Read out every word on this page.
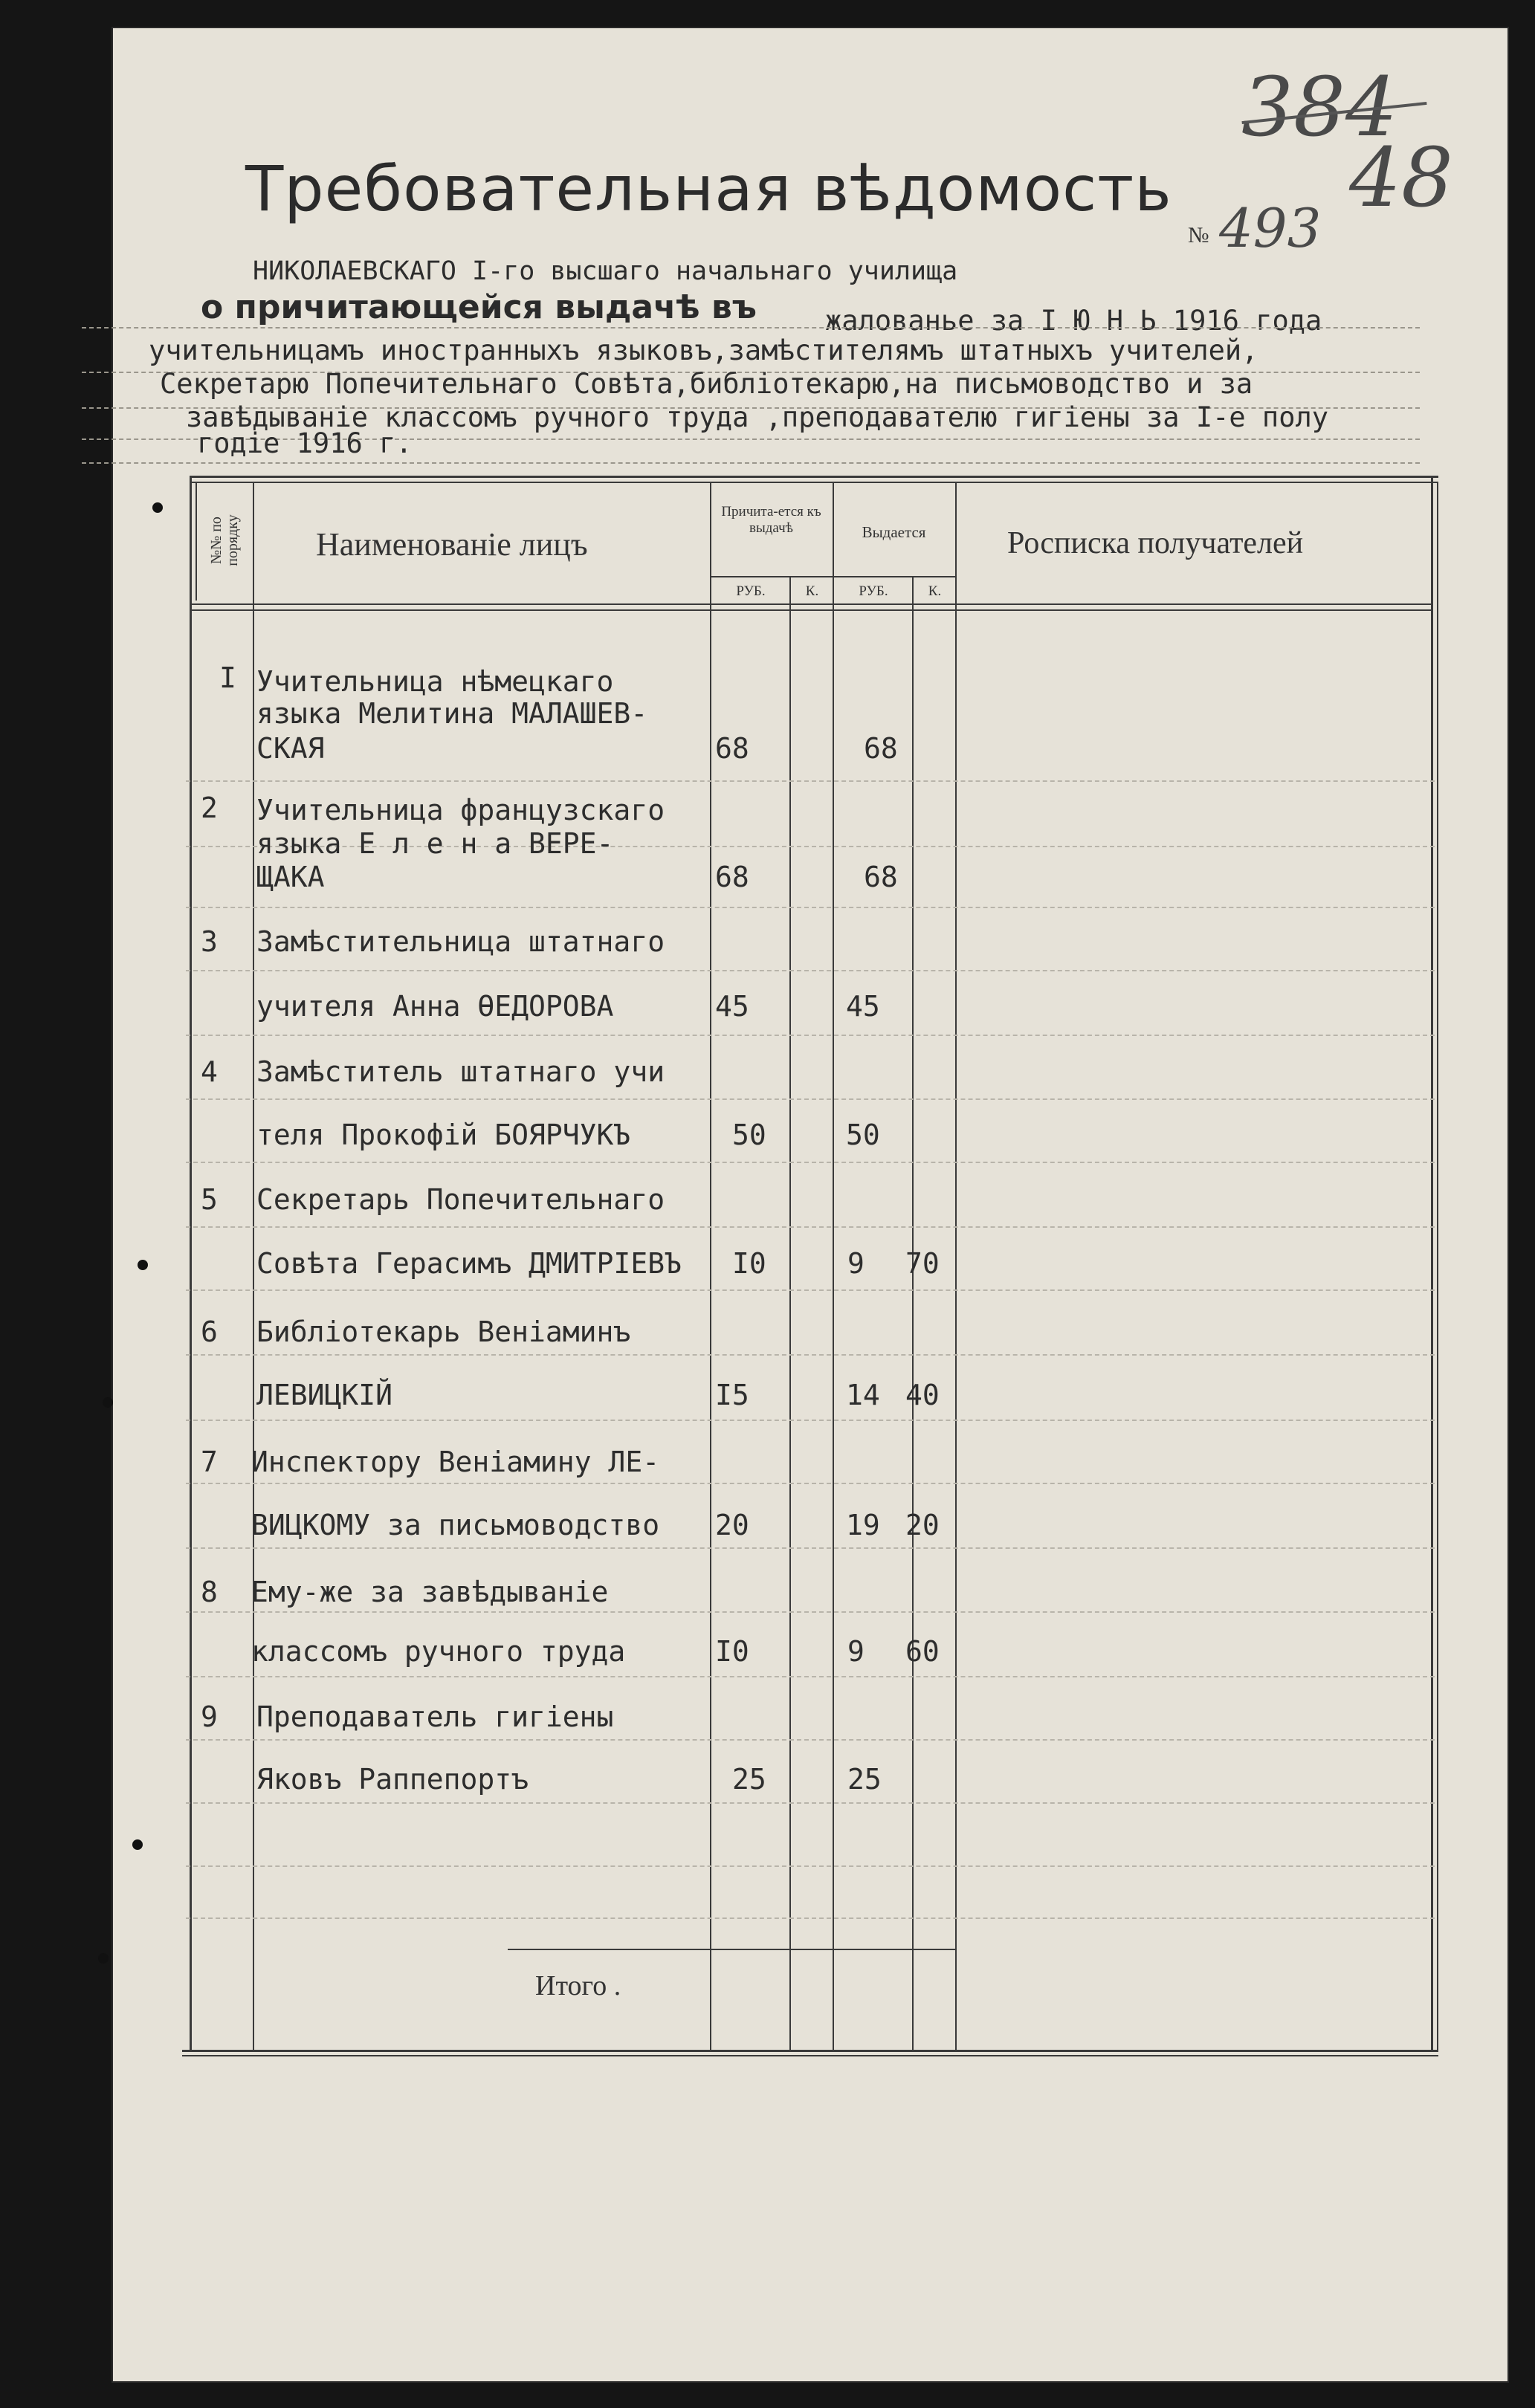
384
48
Требовательная вѣдомость
№ 493
НИКОЛАЕВСКАГО I-го высшаго начальнаго училища
о причитающейся выдачѣ въ жалованье за I Ю Н Ь 1916 года
учительницамъ иностранныхъ языковъ,замѣстителямъ штатныхъ учителей,
Секретарю Попечительнаго Совѣта,библіотекарю,на письмоводство и за
завѣдываніе классомъ ручного труда ,преподавателю гигіены за I-е полу
годіе 1916 г.
№№ по порядку Наименованіе лицъ
Причита-ется къ выдачѣ	Выдается	Росписка получателей
РУБ.	К.	РУБ.	К.
I Учительница нѣмецкаго
языка Мелитина МАЛАШЕВ-
СКАЯ	68	68
2 Учительница французскаго
языка Е л е н а ВЕРЕ-
ЩАКА	68	68
3 Замѣстительница штатнаго
учителя Анна ѲЕДОРОВА	45	45
4 Замѣститель штатнаго учи
теля Прокофій БОЯРЧУКЪ	50	50
5 Секретарь Попечительнаго
Совѣта Герасимъ ДМИТРІЕВЪ I0	9 70
6 Библіотекарь Веніаминъ
ЛЕВИЦКІЙ	I5	14 40
7 Инспектору Веніамину ЛЕ-
ВИЦКОМУ за письмоводство 20	19 20
8 Ему-же за завѣдываніе
классомъ ручного труда	I0	9 60
9 Преподаватель гигіены
Яковъ Раппепортъ	25	25
Итого .
